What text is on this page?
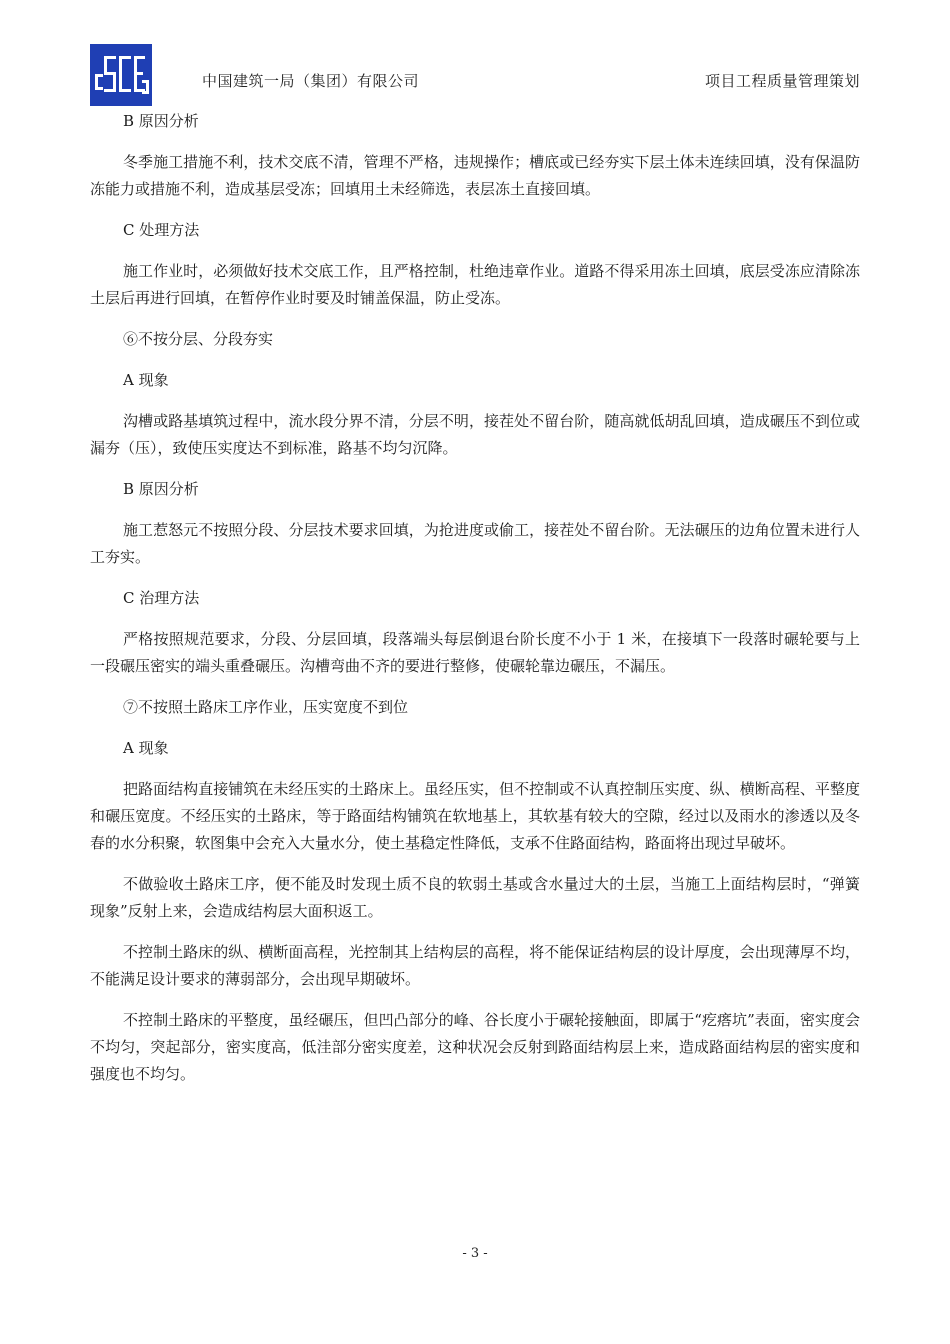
中国建筑一局（集团）有限公司	项目工程质量管理策划

B 原因分析

冬季施工措施不利，技术交底不清，管理不严格，违规操作；槽底或已经夯实下层土体未连续回填，没有保温防冻能力或措施不利，造成基层受冻；回填用土未经筛选，表层冻土直接回填。

C 处理方法

施工作业时，必须做好技术交底工作，且严格控制，杜绝违章作业。道路不得采用冻土回填，底层受冻应清除冻土层后再进行回填，在暂停作业时要及时铺盖保温，防止受冻。

⑥不按分层、分段夯实

A 现象

沟槽或路基填筑过程中，流水段分界不清，分层不明，接茬处不留台阶，随高就低胡乱回填，造成碾压不到位或漏夯（压），致使压实度达不到标准，路基不均匀沉降。

B 原因分析

施工惹怒元不按照分段、分层技术要求回填，为抢进度或偷工，接茬处不留台阶。无法碾压的边角位置未进行人工夯实。

C 治理方法

严格按照规范要求，分段、分层回填，段落端头每层倒退台阶长度不小于 1 米，在接填下一段落时碾轮要与上一段碾压密实的端头重叠碾压。沟槽弯曲不齐的要进行整修，使碾轮靠边碾压，不漏压。

⑦不按照土路床工序作业，压实宽度不到位

A 现象

把路面结构直接铺筑在未经压实的土路床上。虽经压实，但不控制或不认真控制压实度、纵、横断高程、平整度和碾压宽度。不经压实的土路床，等于路面结构铺筑在软地基上，其软基有较大的空隙，经过以及雨水的渗透以及冬春的水分积聚，软图集中会充入大量水分，使土基稳定性降低，支承不住路面结构，路面将出现过早破坏。

不做验收土路床工序，便不能及时发现土质不良的软弱土基或含水量过大的土层，当施工上面结构层时，“弹簧现象”反射上来，会造成结构层大面积返工。

不控制土路床的纵、横断面高程，光控制其上结构层的高程，将不能保证结构层的设计厚度，会出现薄厚不均，不能满足设计要求的薄弱部分，会出现早期破坏。

不控制土路床的平整度，虽经碾压，但凹凸部分的峰、谷长度小于碾轮接触面，即属于“疙瘩坑”表面，密实度会不均匀，突起部分，密实度高，低洼部分密实度差，这种状况会反射到路面结构层上来，造成路面结构层的密实度和强度也不均匀。

- 3 -
